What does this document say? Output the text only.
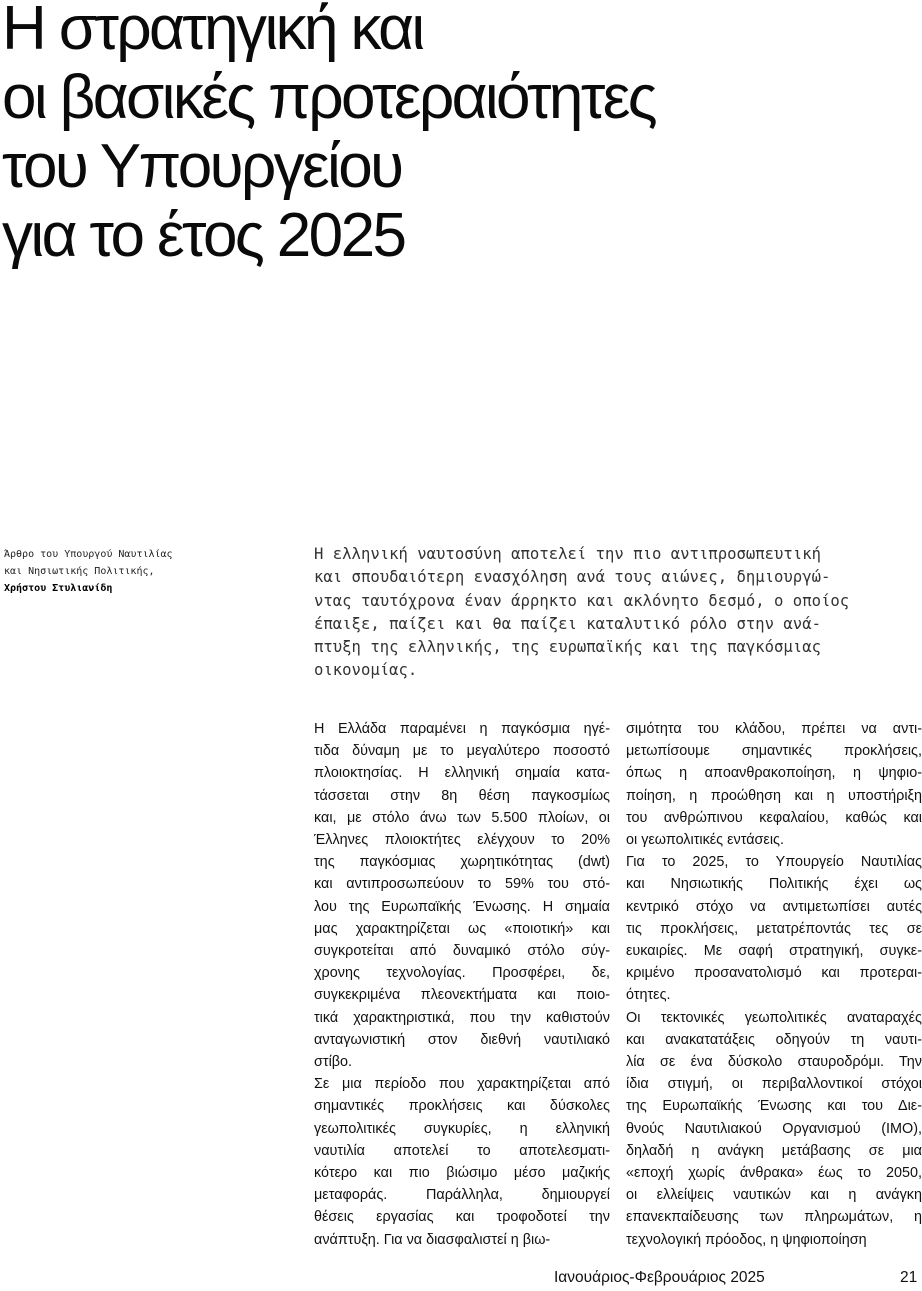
Η στρατηγική και
οι βασικές προτεραιότητες
του Υπουργείου
για το έτος 2025
Άρθρο του Υπουργού Ναυτιλίας
και Νησιωτικής Πολιτικής,
Χρήστου Στυλιανίδη
Η ελληνική ναυτοσύνη αποτελεί την πιο αντιπροσωπευτική
και σπουδαιότερη ενασχόληση ανά τους αιώνες, δημιουργώ-
ντας ταυτόχρονα έναν άρρηκτο και ακλόνητο δεσμό, ο οποίος
έπαιξε, παίζει και θα παίζει καταλυτικό ρόλο στην ανά-
πτυξη της ελληνικής, της ευρωπαϊκής και της παγκόσμιας
οικονομίας.

Η Ελλάδα παραμένει η παγκόσμια ηγέ-
τιδα δύναμη με το μεγαλύτερο ποσοστό
πλοιοκτησίας. Η ελληνική σημαία κατα-
τάσσεται στην 8η θέση παγκοσμίως
και, με στόλο άνω των 5.500 πλοίων, οι
Έλληνες πλοιοκτήτες ελέγχουν το 20%
της παγκόσμιας χωρητικότητας (dwt)
και αντιπροσωπεύουν το 59% του στό-
λου της Ευρωπαϊκής Ένωσης. Η σημαία
μας χαρακτηρίζεται ως «ποιοτική» και
συγκροτείται από δυναμικό στόλο σύγ-
χρονης τεχνολογίας. Προσφέρει, δε,
συγκεκριμένα πλεονεκτήματα και ποιο-
τικά χαρακτηριστικά, που την καθιστούν
ανταγωνιστική στον διεθνή ναυτιλιακό
στίβο.

Σε μια περίοδο που χαρακτηρίζεται από
σημαντικές προκλήσεις και δύσκολες
γεωπολιτικές συγκυρίες, η ελληνική
ναυτιλία αποτελεί το αποτελεσματι-
κότερο και πιο βιώσιμο μέσο μαζικής
μεταφοράς. Παράλληλα, δημιουργεί
θέσεις εργασίας και τροφοδοτεί την
ανάπτυξη. Για να διασφαλιστεί η βιω-

σιμότητα του κλάδου, πρέπει να αντι-
μετωπίσουμε σημαντικές προκλήσεις,
όπως η απoανθρακοποίηση, η ψηφιο-
ποίηση, η προώθηση και η υποστήριξη
του ανθρώπινου κεφαλαίου, καθώς και
οι γεωπολιτικές εντάσεις.

Για το 2025, το Υπουργείο Ναυτιλίας
και Νησιωτικής Πολιτικής έχει ως
κεντρικό στόχο να αντιμετωπίσει αυτές
τις προκλήσεις, μετατρέποντάς τες σε
ευκαιρίες. Με σαφή στρατηγική, συγκε-
κριμένο προσανατολισμό και προτεραι-
ότητες.

Οι τεκτονικές γεωπολιτικές αναταραχές
και ανακατατάξεις οδηγούν τη ναυτι-
λία σε ένα δύσκολο σταυροδρόμι. Την
ίδια στιγμή, οι περιβαλλοντικοί στόχοι
της Ευρωπαϊκής Ένωσης και του Διε-
θνούς Ναυτιλιακού Οργανισμού (IMO),
δηλαδή η ανάγκη μετάβασης σε μια
«εποχή χωρίς άνθρακα» έως το 2050,
οι ελλείψεις ναυτικών και η ανάγκη
επανεκπαίδευσης των πληρωμάτων, η
τεχνολογική πρόοδος, η ψηφιοποίηση

Ιανουάριος-Φεβρουάριος 2025	21
